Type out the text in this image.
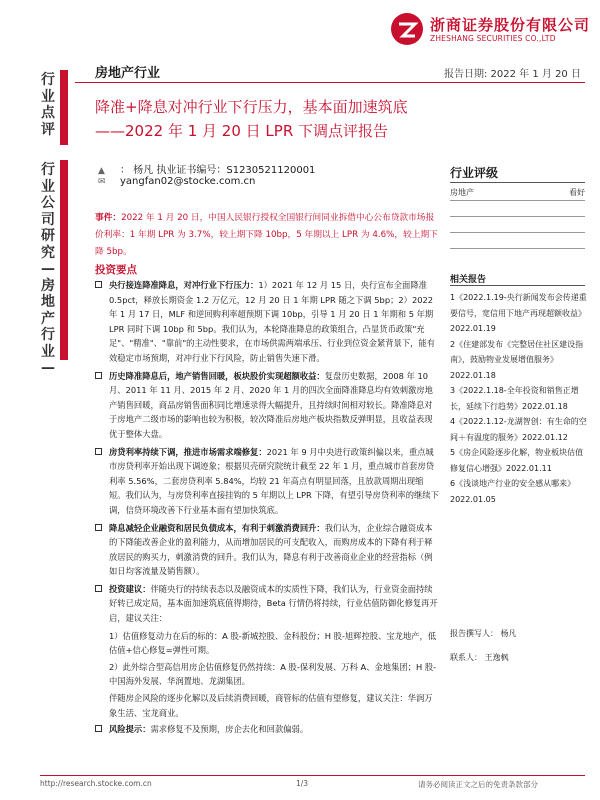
浙商证券股份有限公司
ZHESHANG SECURITIES CO.,LTD
行业点评
行业公司研究—房地产行业—
房地产行业	报告日期: 2022 年 1 月 20 日
降准+降息对冲行业下行压力，基本面加速筑底
——2022 年 1 月 20 日 LPR 下调点评报告
▲ ： 杨凡 执业证书编号：S1230521120001
✉ yangfan02@stocke.com.cn
行业评级
房地产	看好
相关报告
1《2022.1.19-央行新闻发布会传递重要信号，宽信用下地产再现超额收益》2022.01.19
2《住建部发布《完整居住社区建设指南》，鼓励物业发展增值服务》2022.01.18
3《2022.1.18-全年投资和销售正增长，延续下行趋势》2022.01.18
4《2022.1.12-龙湖智创：有生命的空间＋有温度的服务》2022.01.12
5《房企风险逐步化解，物业板块估值修复信心增强》2022.01.11
6《浅谈地产行业的安全感从哪来》2022.01.05
报告撰写人： 杨凡
联系人： 王逸枫
事件：2022 年 1 月 20 日，中国人民银行授权全国银行间同业拆借中心公布贷款市场报价利率：1 年期 LPR 为 3.7%，较上期下降 10bp，5 年期以上 LPR 为 4.6%，较上期下降 5bp。
投资要点
央行接连降准降息，对冲行业下行压力：1）2021 年 12 月 15 日，央行宣布全面降准 0.5pct，释放长期资金 1.2 万亿元，12 月 20 日 1 年期 LPR 随之下调 5bp；2）2022 年 1 月 17 日，MLF 和逆回购利率超预期下调 10bp，引导 1 月 20 日 1 年期和 5 年期 LPR 同时下调 10bp 和 5bp。我们认为，本轮降准降息的政策组合，凸显货币政策"充足"、"精准"、"靠前"的主动性要求，在市场供需两端承压、行业到位资金紧背景下，能有效稳定市场预期，对冲行业下行风险，防止销售失速下滑。
历史降准降息后，地产销售回暖，板块股价实现超额收益：复盘历史数据，2008 年 10 月、2011 年 11 月、2015 年 2 月、2020 年 1 月的四次全面降准降息均有效刺激房地产销售回暖，商品房销售面积同比增速录得大幅提升，且持续时间相对较长。降准降息对于房地产二级市场的影响也较为积极，较次降准后房地产板块指数反弹明显，且收益表现优于整体大盘。
房贷利率持续下调，推进市场需求端修复：2021 年 9 月中央进行政策纠偏以来，重点城市房贷利率开始出现下调迹象；根据贝壳研究院统计截至 22 年 1 月，重点城市首套房贷利率 5.56%，二套房贷利率 5.84%，均较 21 年高点有明显回落，且放款周期出现缩短。我们认为，与房贷利率直接挂钩的 5 年期以上 LPR 下降，有望引导房贷利率的继续下调，信贷环境改善下行业基本面有望加快筑底。
降息减轻企业融资和居民负债成本，有利于刺激消费回升：我们认为，企业综合融资成本的下降能改善企业的盈利能力，从而增加居民的可支配收入，而购房成本的下降有利于释放居民的购买力，刺激消费的回升。我们认为，降息有利于改善商业企业的经营指标（例如日均客流量及销售额）。
投资建议：伴随央行的持续表态以及融资成本的实质性下降，我们认为，行业资金面持续好转已成定局，基本面加速筑底值得期待，Beta 行情仍将持续，行业估值防御化修复再开启，建议关注：
1）估值修复动力在后的标的：A 股-新城控股、金科股份；H 股-旭辉控股、宝龙地产，低估值+信心修复=弹性可期。
2）此外综合型高信用房企估值修复仍然持续：A 股-保利发展、万科 A、金地集团；H 股-中国海外发展、华润置地、龙湖集团。
伴随房企风险的逐步化解以及后续消费回暖，商管标的估值有望修复，建议关注：华润万象生活、宝龙商业。
风险提示：需求修复不及预期，房企去化和回款偏弱。
http://research.stocke.com.cn	1/3	请务必阅读正文之后的免责条款部分
